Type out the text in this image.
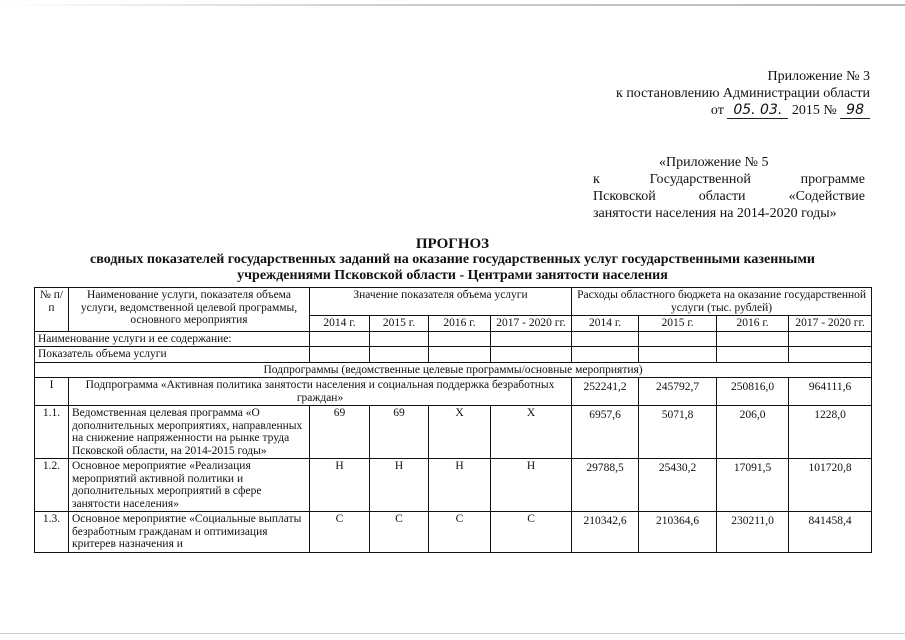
Приложение № 3
к постановлению Администрации области
от 05. 03. 2015 № 98
«Приложение № 5
к	Государственной	программе
Псковской	области	«Содействие
занятости населения на 2014-2020 годы»
ПРОГНОЗ
сводных показателей государственных заданий на оказание государственных услуг государственными казенными
учреждениями Псковской области - Центрами занятости населения
№ п/п	Наименование услуги, показателя объема услуги, ведомственной целевой программы, основного мероприятия	Значение показателя объема услуги				Расходы областного бюджета на оказание государственной услуги (тыс. рублей)			
		2014 г.	2015 г.	2016 г.	2017 - 2020 гг.	2014 г.	2015 г.	2016 г.	2017 - 2020 гг.
Наименование услуги и ее содержание:									
Показатель объема услуги									
Подпрограммы (ведомственные целевые программы/основные мероприятия)									
I	Подпрограмма «Активная политика занятости населения и социальная поддержка безработных граждан»					252241,2	245792,7	250816,0	964111,6
1.1.	Ведомственная целевая программа «О дополнительных мероприятиях, направленных на снижение напряженности на рынке труда Псковской области, на 2014-2015 годы»	69	69	X	X	6957,6	5071,8	206,0	1228,0
1.2.	Основное мероприятие «Реализация мероприятий активной политики и дополнительных мероприятий в сфере занятости населения»	Н	Н	Н	Н	29788,5	25430,2	17091,5	101720,8
1.3.	Основное мероприятие «Социальные выплаты безработным гражданам и оптимизация критерев назначения и	С	С	С	С	210342,6	210364,6	230211,0	841458,4
